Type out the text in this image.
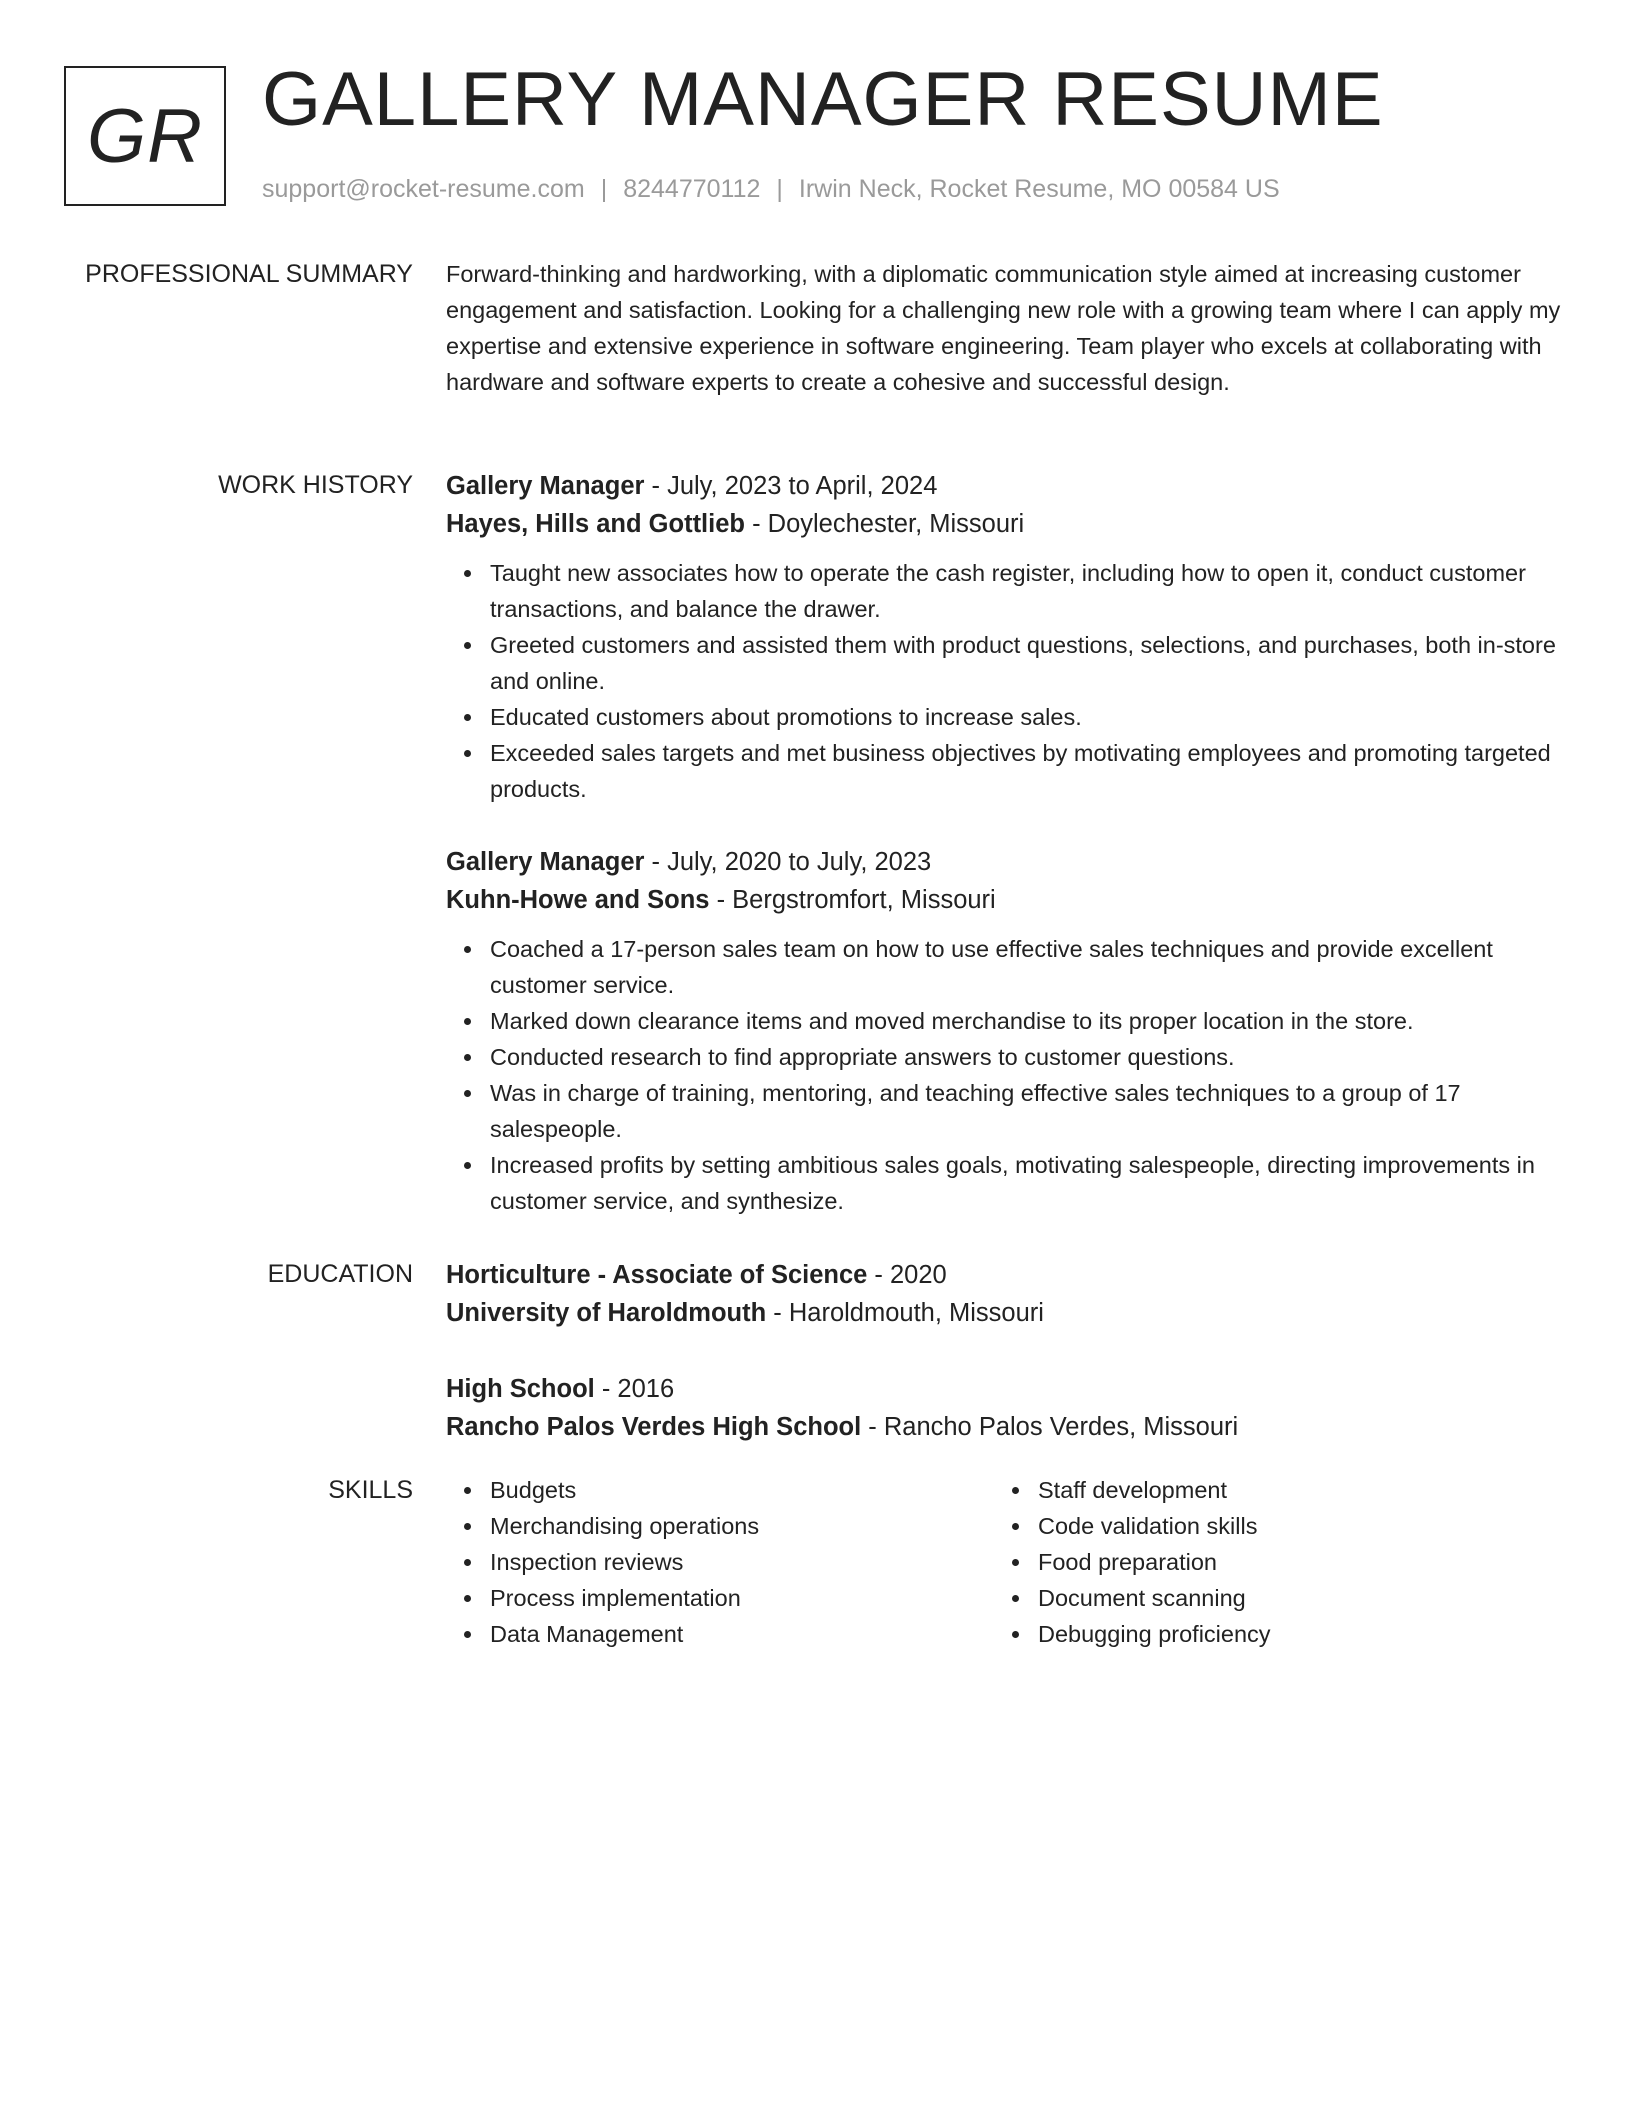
GR GALLERY MANAGER RESUME
support@rocket-resume.com | 8244770112 | Irwin Neck, Rocket Resume, MO 00584 US
PROFESSIONAL SUMMARY Forward-thinking and hardworking, with a diplomatic communication style aimed at increasing customer engagement and satisfaction. Looking for a challenging new role with a growing team where I can apply my expertise and extensive experience in software engineering. Team player who excels at collaborating with hardware and software experts to create a cohesive and successful design.

WORK HISTORY Gallery Manager - July, 2023 to April, 2024
Hayes, Hills and Gottlieb - Doylechester, Missouri
Taught new associates how to operate the cash register, including how to open it, conduct customer transactions, and balance the drawer.
Greeted customers and assisted them with product questions, selections, and purchases, both in-store and online.
Educated customers about promotions to increase sales.
Exceeded sales targets and met business objectives by motivating employees and promoting targeted products.
Gallery Manager - July, 2020 to July, 2023
Kuhn-Howe and Sons - Bergstromfort, Missouri
Coached a 17-person sales team on how to use effective sales techniques and provide excellent customer service.
Marked down clearance items and moved merchandise to its proper location in the store.
Conducted research to find appropriate answers to customer questions.
Was in charge of training, mentoring, and teaching effective sales techniques to a group of 17 salespeople.
Increased profits by setting ambitious sales goals, motivating salespeople, directing improvements in customer service, and synthesize.
EDUCATION Horticulture - Associate of Science - 2020
University of Haroldmouth - Haroldmouth, Missouri
High School - 2016
Rancho Palos Verdes High School - Rancho Palos Verdes, Missouri
SKILLS	Budgets
Merchandising operations
Inspection reviews
Process implementation
Data Management
Staff development
Code validation skills
Food preparation
Document scanning
Debugging proficiency
